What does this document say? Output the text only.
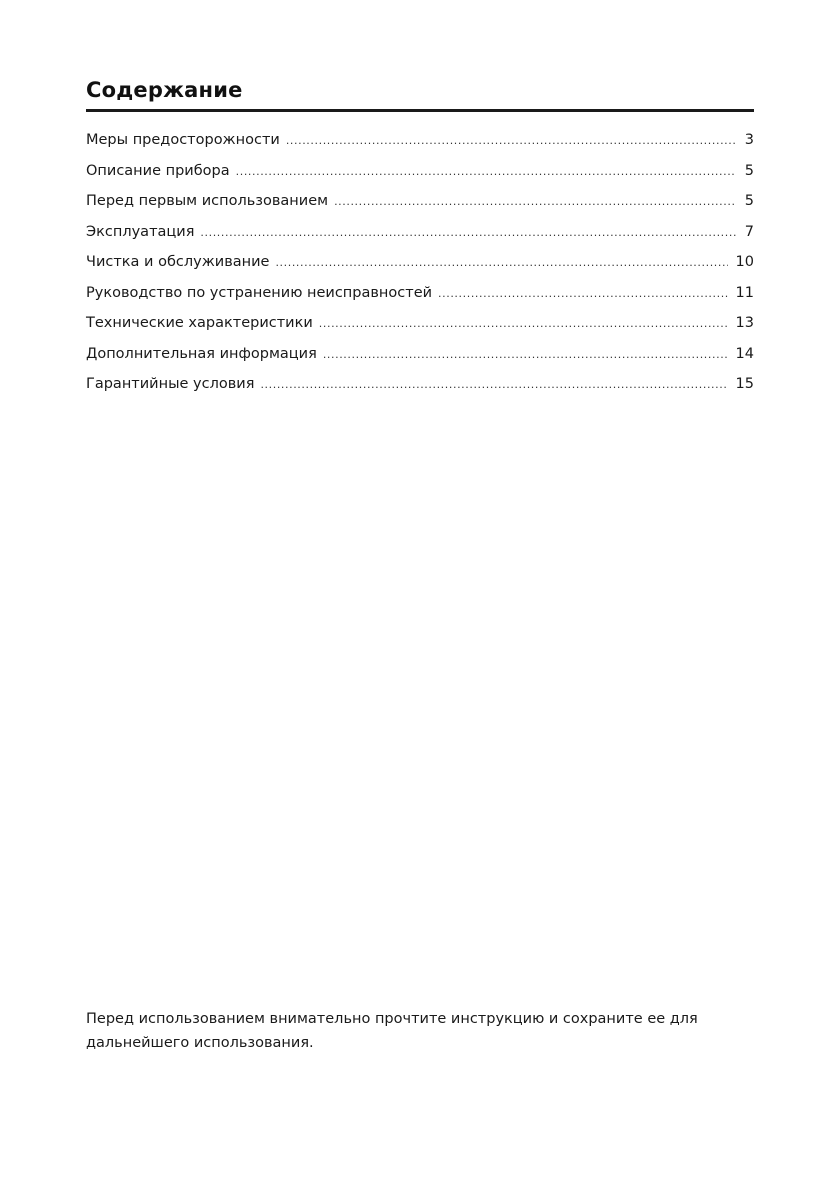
Содержание
Меры предосторожности .....	3
Описание прибора .....	5
Перед первым использованием .....	5
Эксплуатация .....	7
Чистка и обслуживание .....	10
Руководство по устранению неисправностей .....	11
Технические характеристики .....	13
Дополнительная информация .....	14
Гарантийные условия .....	15

Перед использованием внимательно прочтите инструкцию и сохраните ее для дальнейшего использования.
